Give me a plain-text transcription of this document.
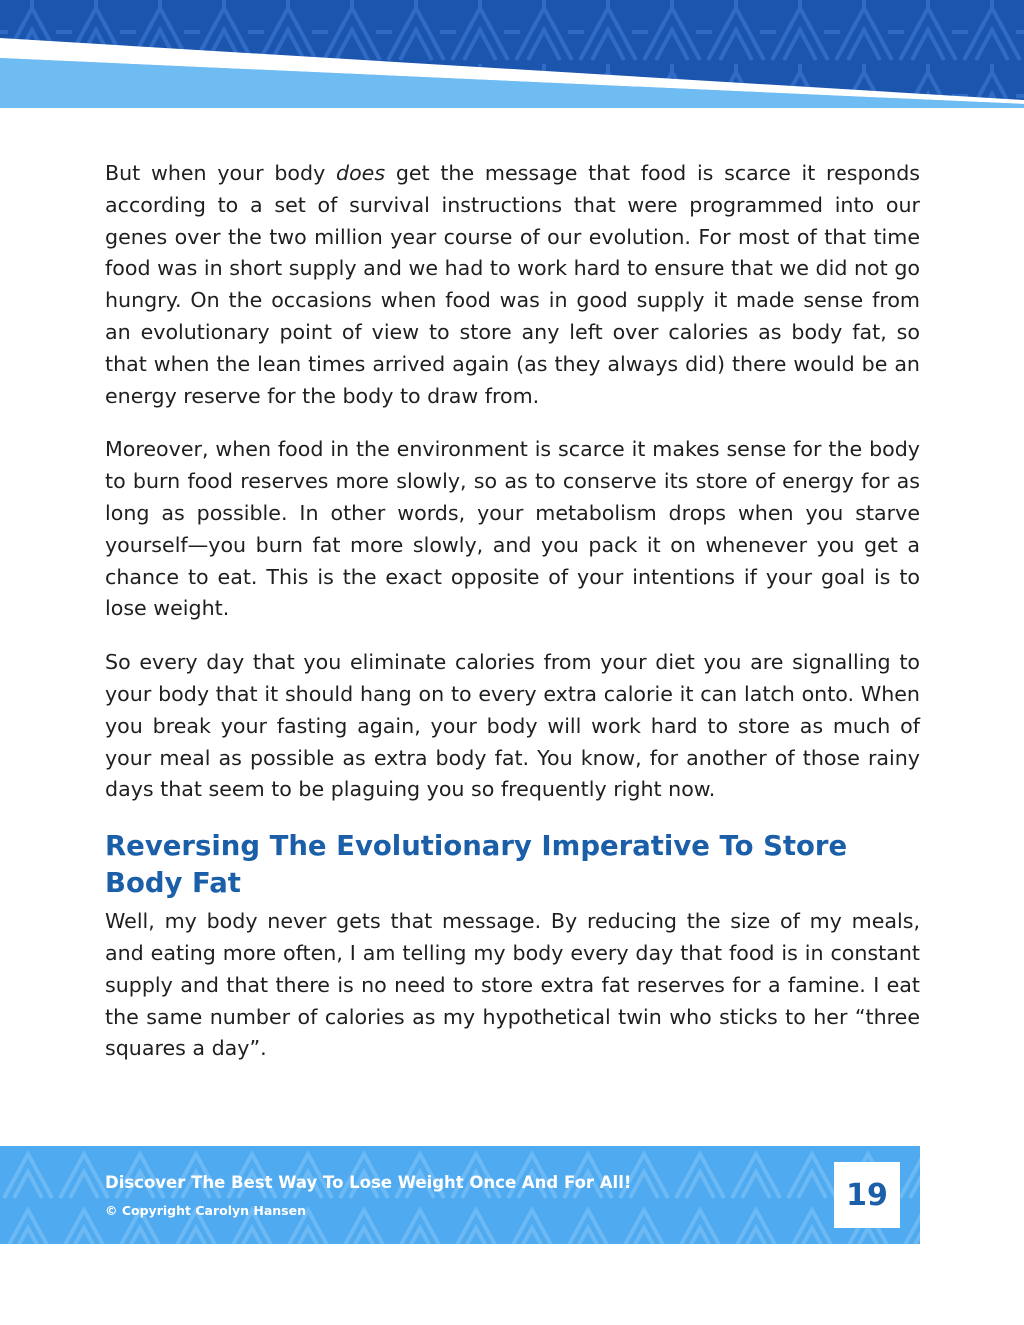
But when your body does get the message that food is scarce it responds according to a set of survival instructions that were programmed into our genes over the two million year course of our evolution. For most of that time food was in short supply and we had to work hard to ensure that we did not go hungry. On the occasions when food was in good supply it made sense from an evolutionary point of view to store any left over calories as body fat, so that when the lean times arrived again (as they always did) there would be an energy reserve for the body to draw from.

Moreover, when food in the environment is scarce it makes sense for the body to burn food reserves more slowly, so as to conserve its store of energy for as long as possible. In other words, your metabolism drops when you starve yourself—you burn fat more slowly, and you pack it on whenever you get a chance to eat. This is the exact opposite of your intentions if your goal is to lose weight.

So every day that you eliminate calories from your diet you are signalling to your body that it should hang on to every extra calorie it can latch onto. When you break your fasting again, your body will work hard to store as much of your meal as possible as extra body fat. You know, for another of those rainy days that seem to be plaguing you so frequently right now.

Reversing The Evolutionary Imperative To Store Body Fat

Well, my body never gets that message. By reducing the size of my meals, and eating more often, I am telling my body every day that food is in constant supply and that there is no need to store extra fat reserves for a famine. I eat the same number of calories as my hypothetical twin who sticks to her “three squares a day”.

Discover The Best Way To Lose Weight Once And For All!
© Copyright Carolyn Hansen	19
